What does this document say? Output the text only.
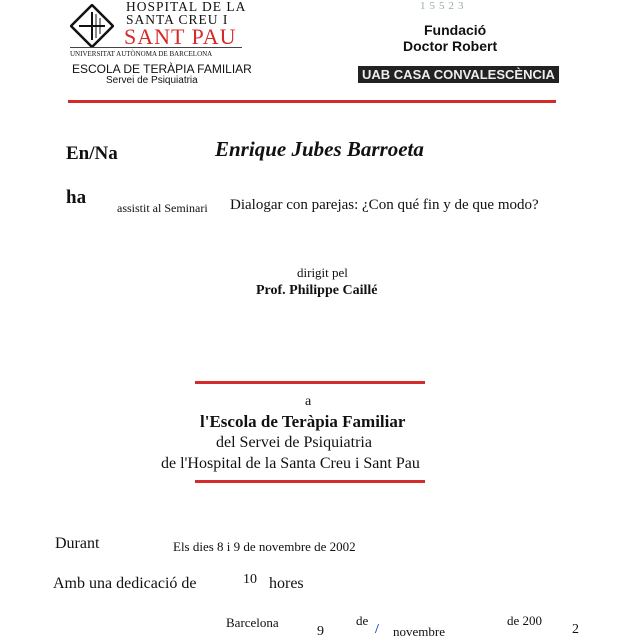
HOSPITAL DE LA
SANTA CREU I
SANT PAU
UNIVERSITAT AUTÒNOMA DE BARCELONA
ESCOLA DE TERÀPIA FAMILIAR
Servei de Psiquiatria
15523
Fundació
Doctor Robert
UAB CASA CONVALESCÈNCIA
En/Na	Enrique Jubes Barroeta
ha	assistit al Seminari Dialogar con parejas: ¿Con qué fin y de que modo?
dirigit pel
Prof. Philippe Caillé
a
l'Escola de Teràpia Familiar
del Servei de Psiquiatria
de l'Hospital de la Santa Creu i Sant Pau
Durant	Els dies 8 i 9 de novembre de 2002
Amb una dedicació de	10 hores
Barcelona
9
de
/ novembre
de 200
2
